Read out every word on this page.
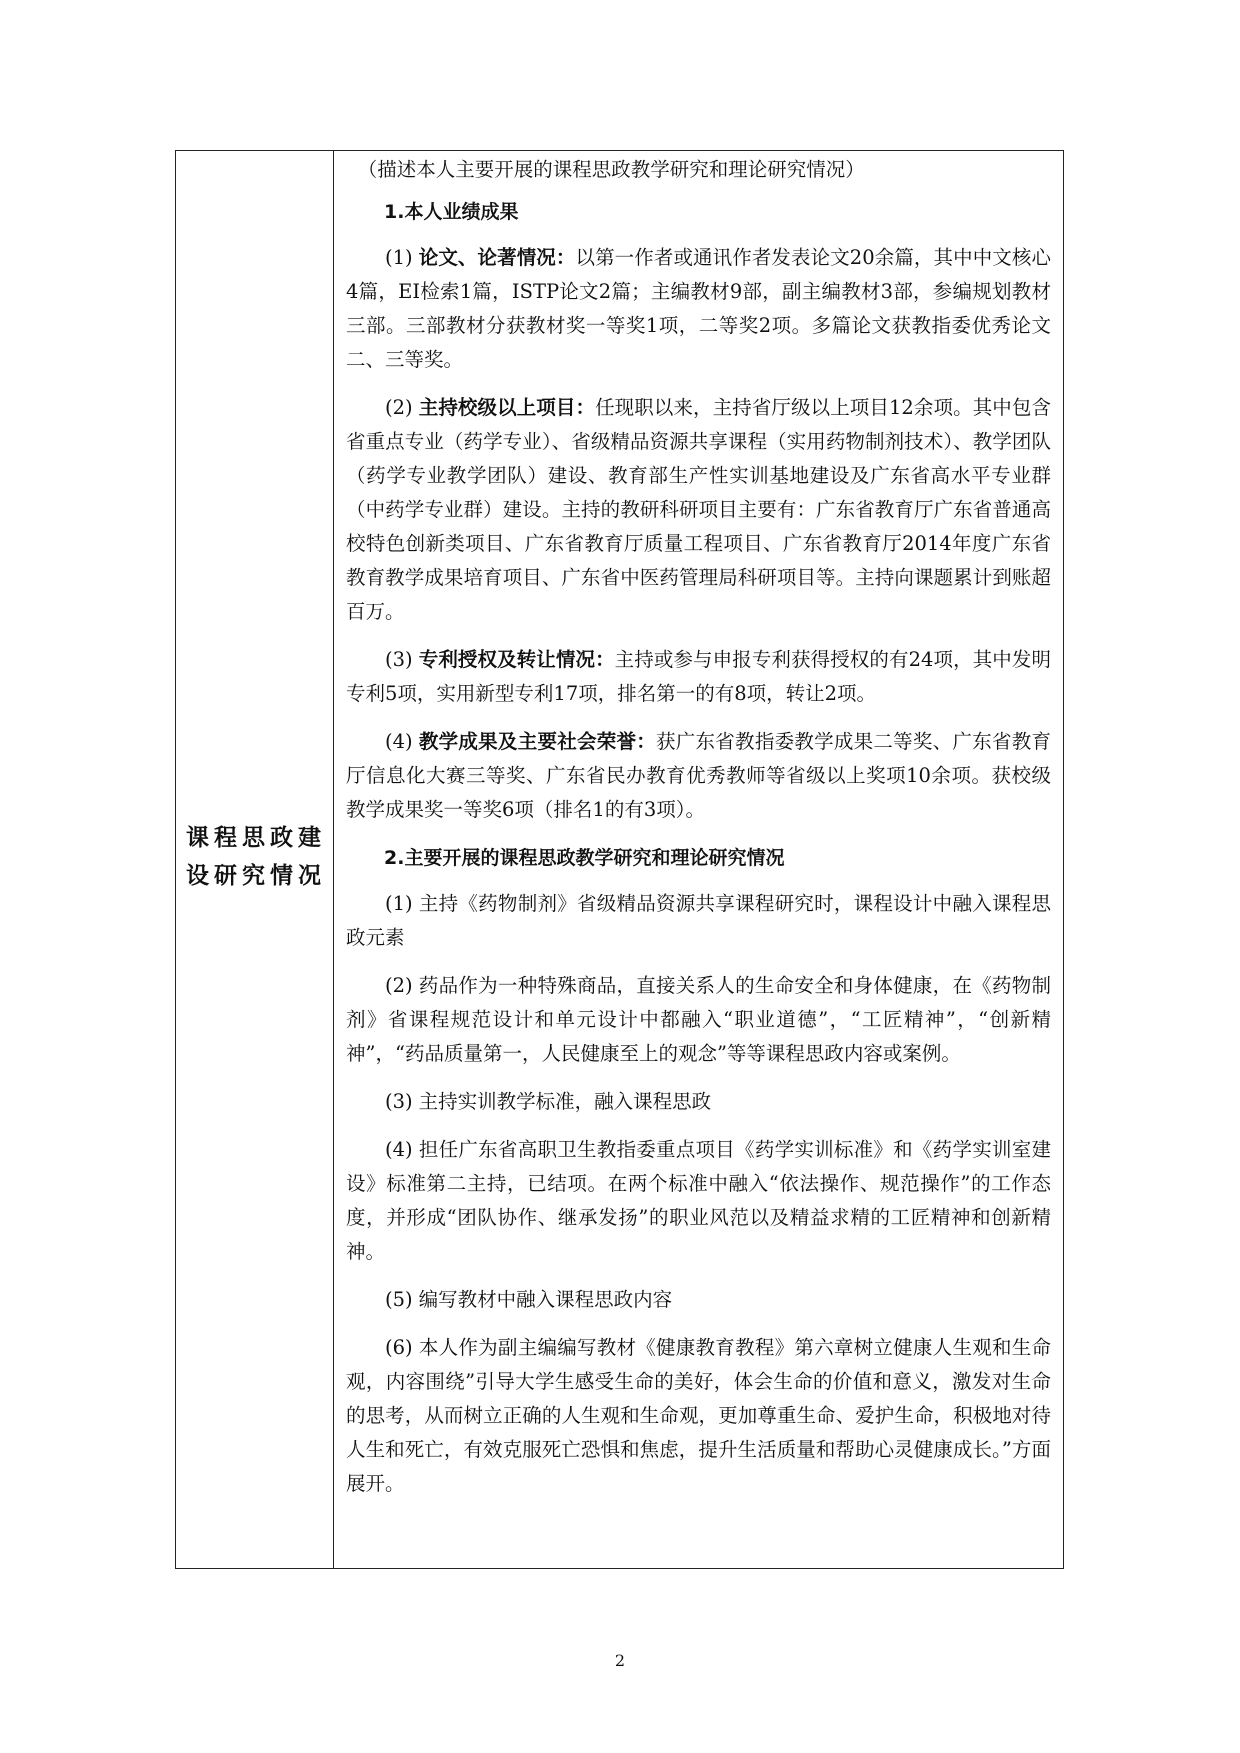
课程思政建设研究情况

（描述本人主要开展的课程思政教学研究和理论研究情况）

1.本人业绩成果

(1) 论文、论著情况：以第一作者或通讯作者发表论文20余篇，其中中文核心4篇，EI检索1篇，ISTP论文2篇；主编教材9部，副主编教材3部，参编规划教材三部。三部教材分获教材奖一等奖1项，二等奖2项。多篇论文获教指委优秀论文二、三等奖。

(2) 主持校级以上项目：任现职以来，主持省厅级以上项目12余项。其中包含省重点专业（药学专业）、省级精品资源共享课程（实用药物制剂技术）、教学团队（药学专业教学团队）建设、教育部生产性实训基地建设及广东省高水平专业群（中药学专业群）建设。主持的教研科研项目主要有：广东省教育厅广东省普通高校特色创新类项目、广东省教育厅质量工程项目、广东省教育厅2014年度广东省教育教学成果培育项目、广东省中医药管理局科研项目等。主持向课题累计到账超百万。

(3) 专利授权及转让情况：主持或参与申报专利获得授权的有24项，其中发明专利5项，实用新型专利17项，排名第一的有8项，转让2项。

(4) 教学成果及主要社会荣誉：获广东省教指委教学成果二等奖、广东省教育厅信息化大赛三等奖、广东省民办教育优秀教师等省级以上奖项10余项。获校级教学成果奖一等奖6项（排名1的有3项）。

2.主要开展的课程思政教学研究和理论研究情况

(1) 主持《药物制剂》省级精品资源共享课程研究时，课程设计中融入课程思政元素

(2) 药品作为一种特殊商品，直接关系人的生命安全和身体健康，在《药物制剂》省课程规范设计和单元设计中都融入“职业道德”，“工匠精神”，“创新精神”，“药品质量第一，人民健康至上的观念”等等课程思政内容或案例。

(3) 主持实训教学标准，融入课程思政

(4) 担任广东省高职卫生教指委重点项目《药学实训标准》和《药学实训室建设》标准第二主持，已结项。在两个标准中融入“依法操作、规范操作”的工作态度，并形成“团队协作、继承发扬”的职业风范以及精益求精的工匠精神和创新精神。

(5) 编写教材中融入课程思政内容

(6) 本人作为副主编编写教材《健康教育教程》第六章树立健康人生观和生命观，内容围绕”引导大学生感受生命的美好，体会生命的价值和意义，激发对生命的思考，从而树立正确的人生观和生命观，更加尊重生命、爱护生命，积极地对待人生和死亡，有效克服死亡恐惧和焦虑，提升生活质量和帮助心灵健康成长。”方面展开。

2
